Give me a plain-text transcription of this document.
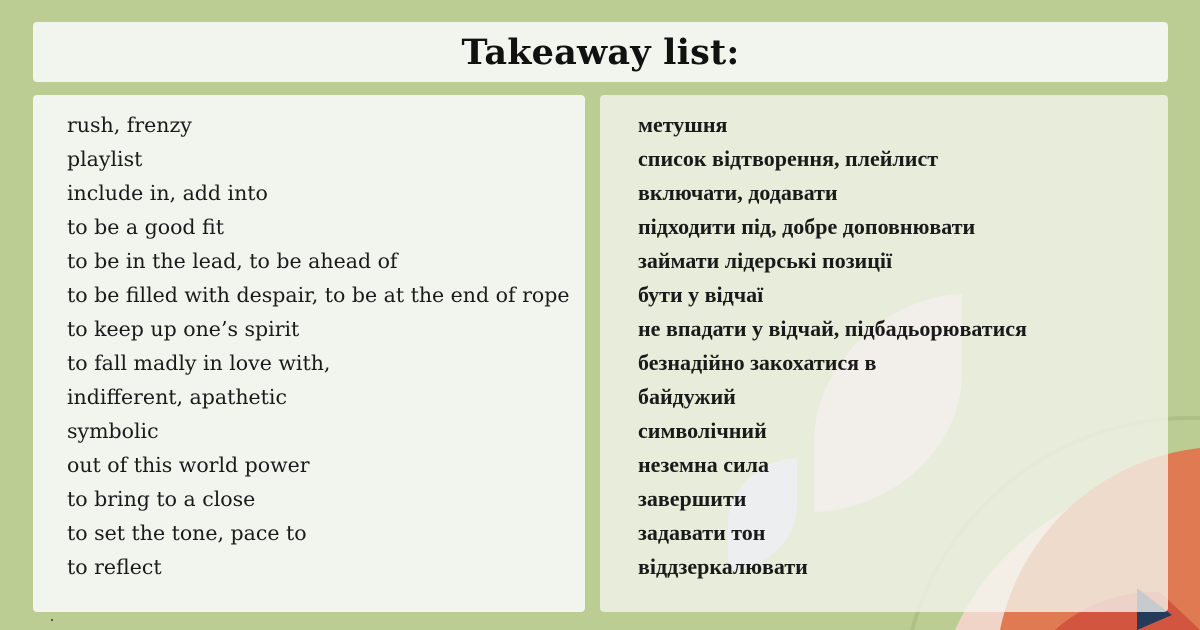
Takeaway list:
rush, frenzy
playlist
include in, add into
to be a good fit
to be in the lead, to be ahead of
to be filled with despair, to be at the end of rope
to keep up one’s spirit
to fall madly in love with,
indifferent, apathetic
symbolic
out of this world power
to bring to a close
to set the tone, pace to
to reflect
метушня
список відтворення, плейлист
включати, додавати
підходити під, добре доповнювати
займати лідерські позиції
бути у відчаї
не впадати у відчай, підбадьорюватися
безнадійно закохатися в
байдужий
символічний
неземна сила
завершити
задавати тон
віддзеркалювати
